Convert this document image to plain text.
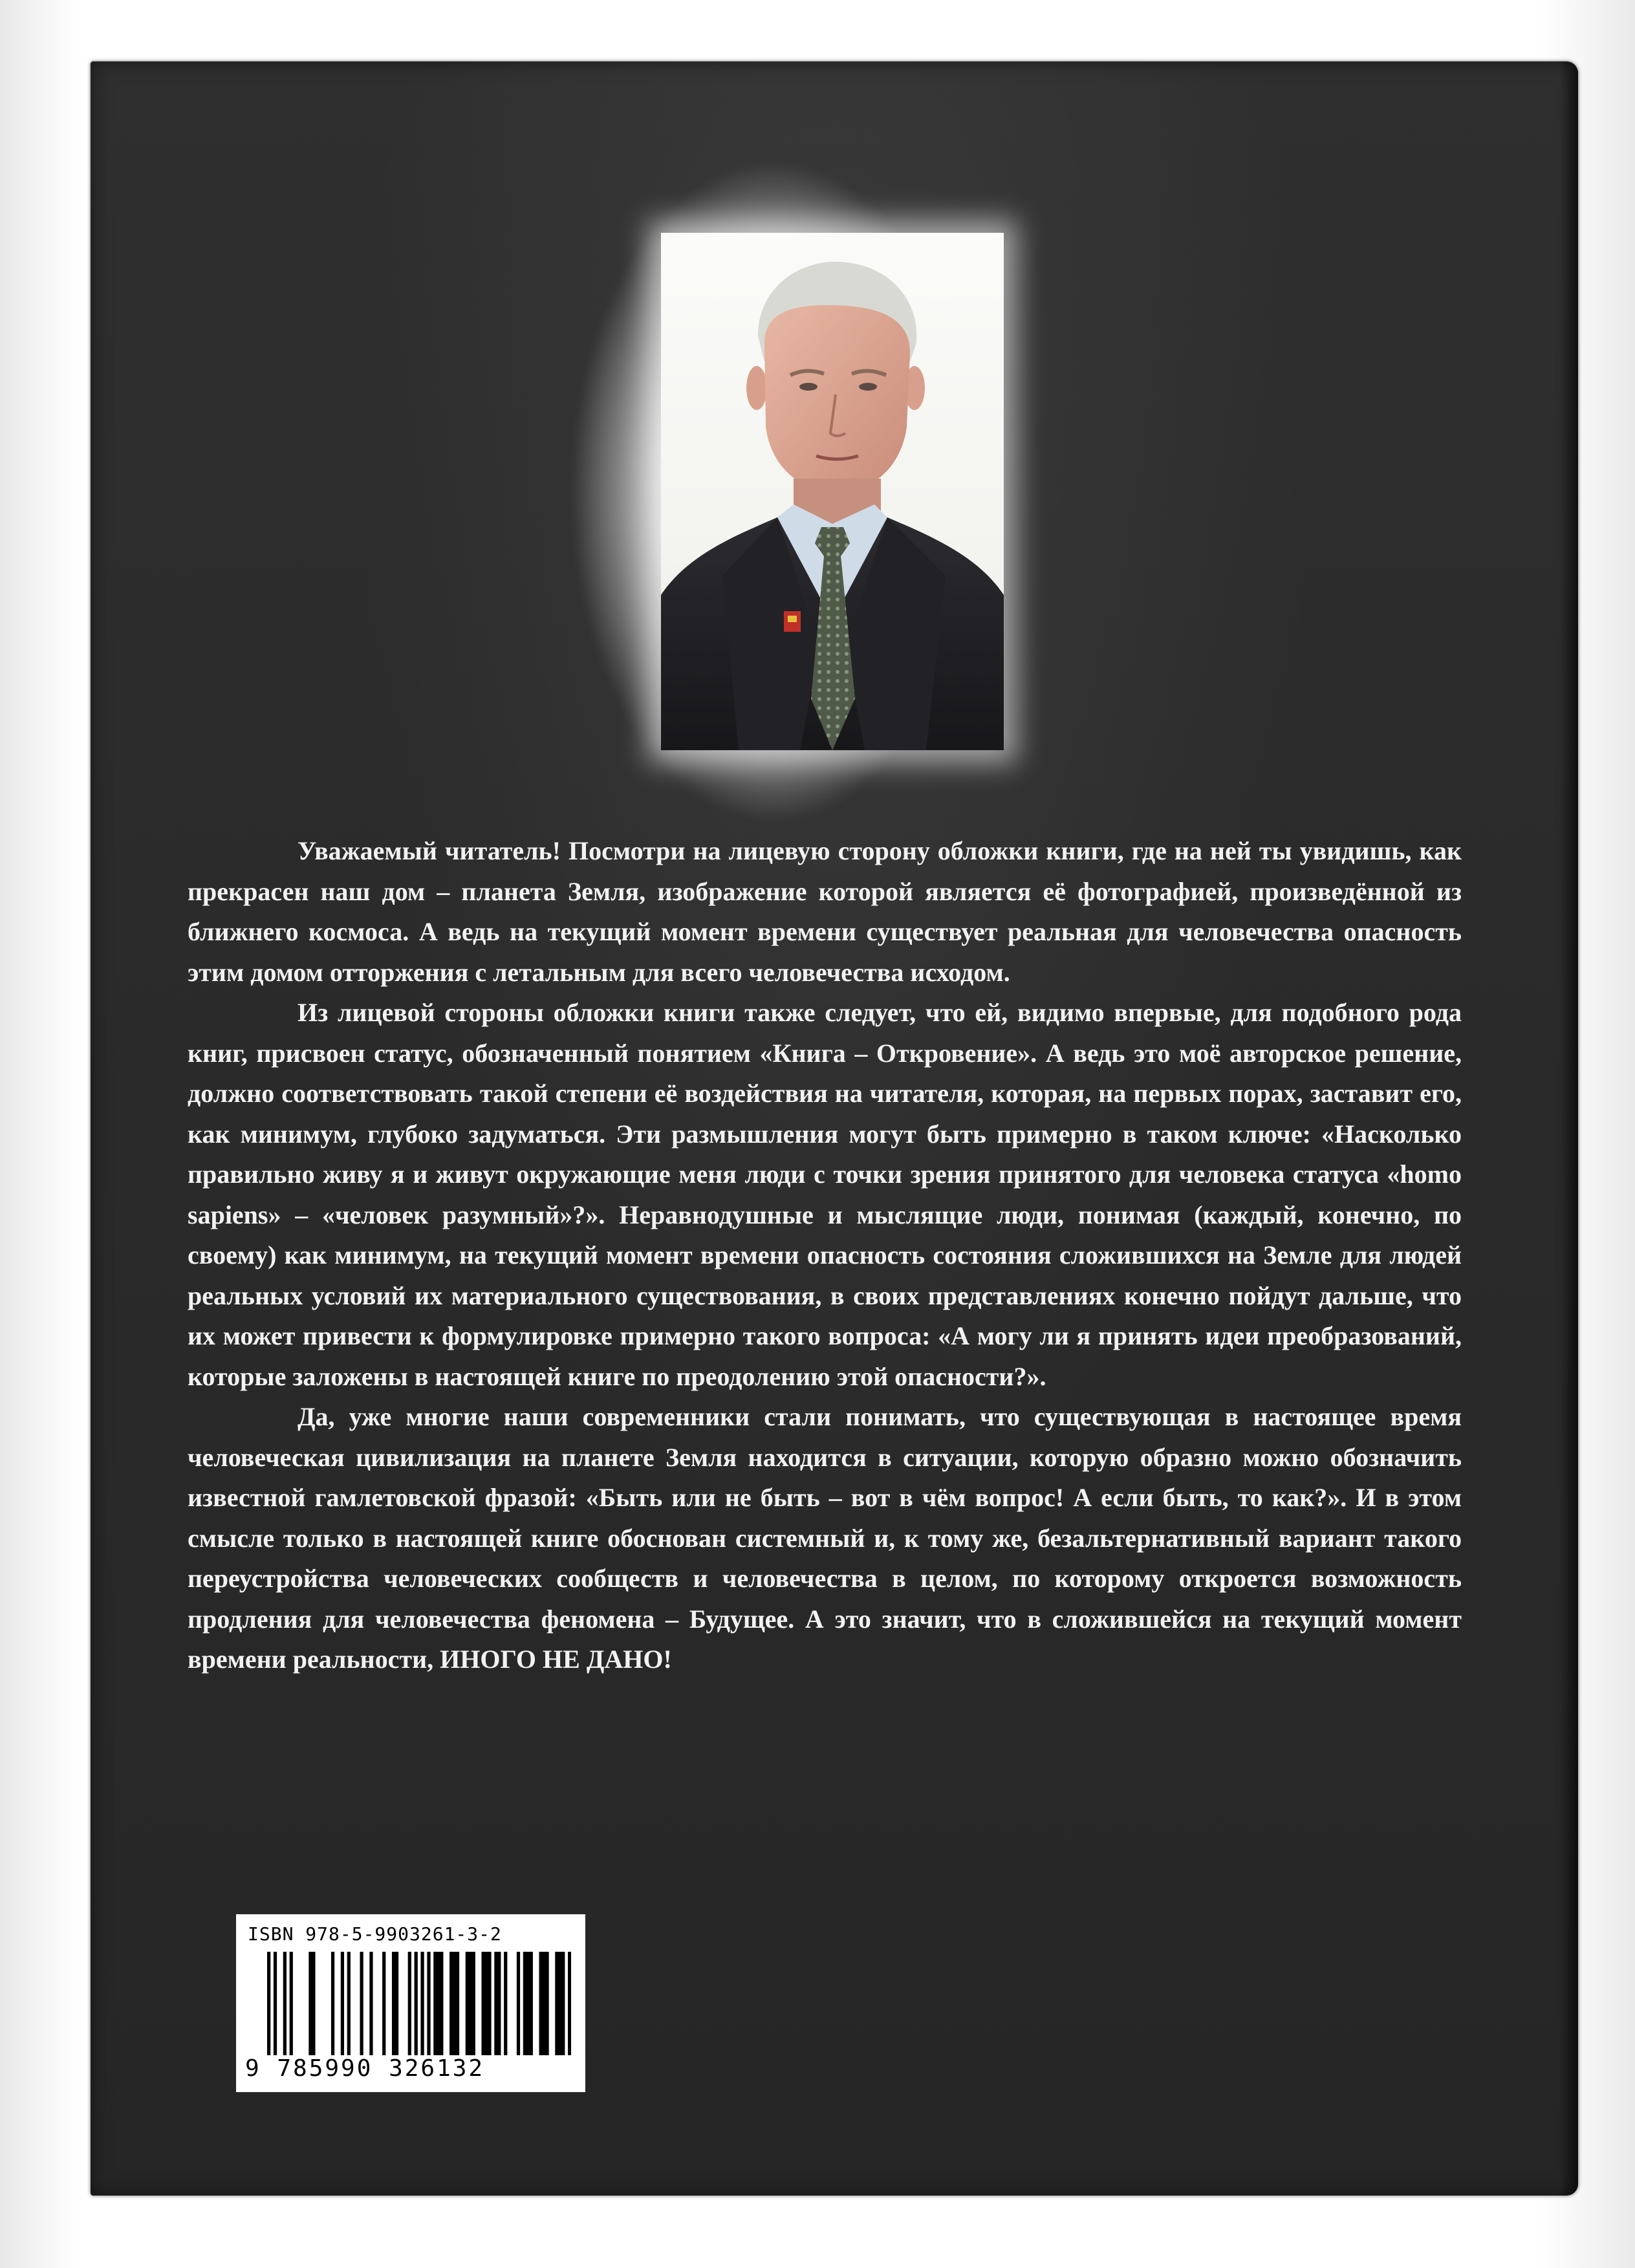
Уважаемый читатель! Посмотри на лицевую сторону обложки книги, где на ней ты увидишь, как прекрасен наш дом – планета Земля, изображение которой является её фотографией, произведённой из ближнего космоса. А ведь на текущий момент времени существует реальная для человечества опасность этим домом отторжения с летальным для всего человечества исходом.

Из лицевой стороны обложки книги также следует, что ей, видимо впервые, для подобного рода книг, присвоен статус, обозначенный понятием «Книга – Откровение». А ведь это моё авторское решение, должно соответствовать такой степени её воздействия на читателя, которая, на первых порах, заставит его, как минимум, глубоко задуматься. Эти размышления могут быть примерно в таком ключе: «Насколько правильно живу я и живут окружающие меня люди с точки зрения принятого для человека статуса «homo sapiens» – «человек разумный»?». Неравнодушные и мыслящие люди, понимая (каждый, конечно, по своему) как минимум, на текущий момент времени опасность состояния сложившихся на Земле для людей реальных условий их материального существования, в своих представлениях конечно пойдут дальше, что их может привести к формулировке примерно такого вопроса: «А могу ли я принять идеи преобразований, которые заложены в настоящей книге по преодолению этой опасности?».

Да, уже многие наши современники стали понимать, что существующая в настоящее время человеческая цивилизация на планете Земля находится в ситуации, которую образно можно обозначить известной гамлетовской фразой: «Быть или не быть – вот в чём вопрос! А если быть, то как?». И в этом смысле только в настоящей книге обоснован системный и, к тому же, безальтернативный вариант такого переустройства человеческих сообществ и человечества в целом, по которому откроется возможность продления для человечества феномена – Будущее. А это значит, что в сложившейся на текущий момент времени реальности, ИНОГО НЕ ДАНО!

ISBN 978-5-9903261-3-2
9 785990 326132
